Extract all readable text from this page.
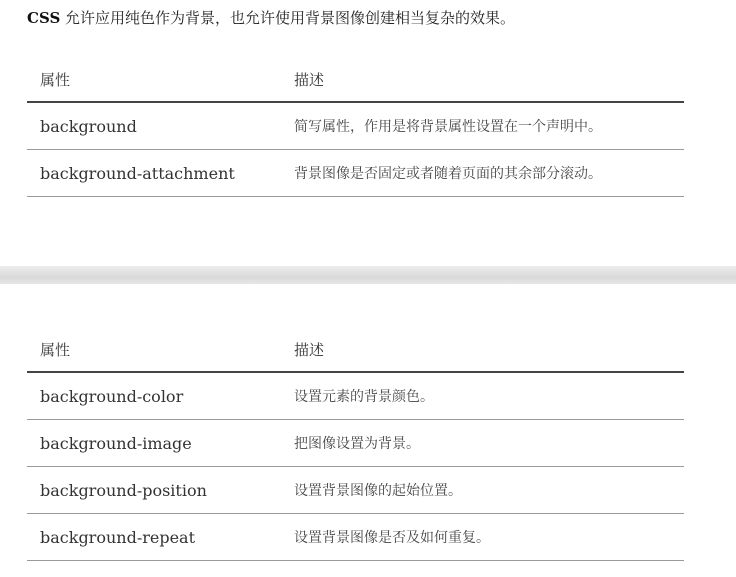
CSS 允许应用纯色作为背景，也允许使用背景图像创建相当复杂的效果。
属性	描述
background	简写属性，作用是将背景属性设置在一个声明中。
background-attachment	背景图像是否固定或者随着页面的其余部分滚动。
属性	描述
background-color	设置元素的背景颜色。
background-image	把图像设置为背景。
background-position	设置背景图像的起始位置。
background-repeat	设置背景图像是否及如何重复。
